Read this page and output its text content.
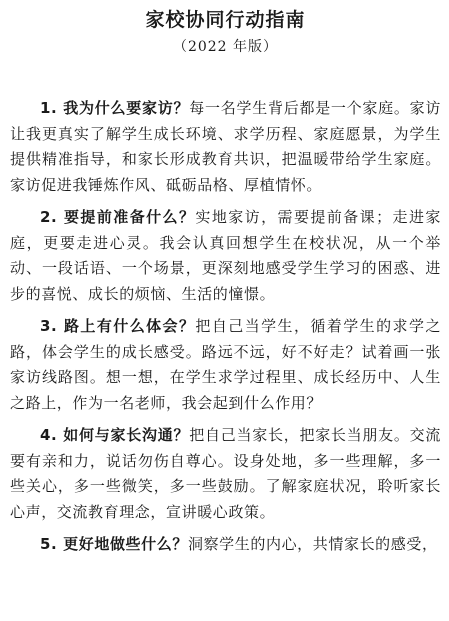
家校协同行动指南
（2022 年版）

1. 我为什么要家访？每一名学生背后都是一个家庭。家访让我更真实了解学生成长环境、求学历程、家庭愿景，为学生提供精准指导，和家长形成教育共识，把温暖带给学生家庭。家访促进我锤炼作风、砥砺品格、厚植情怀。

2. 要提前准备什么？实地家访，需要提前备课；走进家庭，更要走进心灵。我会认真回想学生在校状况，从一个举动、一段话语、一个场景，更深刻地感受学生学习的困惑、进步的喜悦、成长的烦恼、生活的憧憬。

3. 路上有什么体会？把自己当学生，循着学生的求学之路，体会学生的成长感受。路远不远，好不好走？试着画一张家访线路图。想一想，在学生求学过程里、成长经历中、人生之路上，作为一名老师，我会起到什么作用？

4. 如何与家长沟通？把自己当家长，把家长当朋友。交流要有亲和力，说话勿伤自尊心。设身处地，多一些理解，多一些关心，多一些微笑，多一些鼓励。了解家庭状况，聆听家长心声，交流教育理念，宣讲暖心政策。

5. 更好地做些什么？洞察学生的内心，共情家长的感受，
